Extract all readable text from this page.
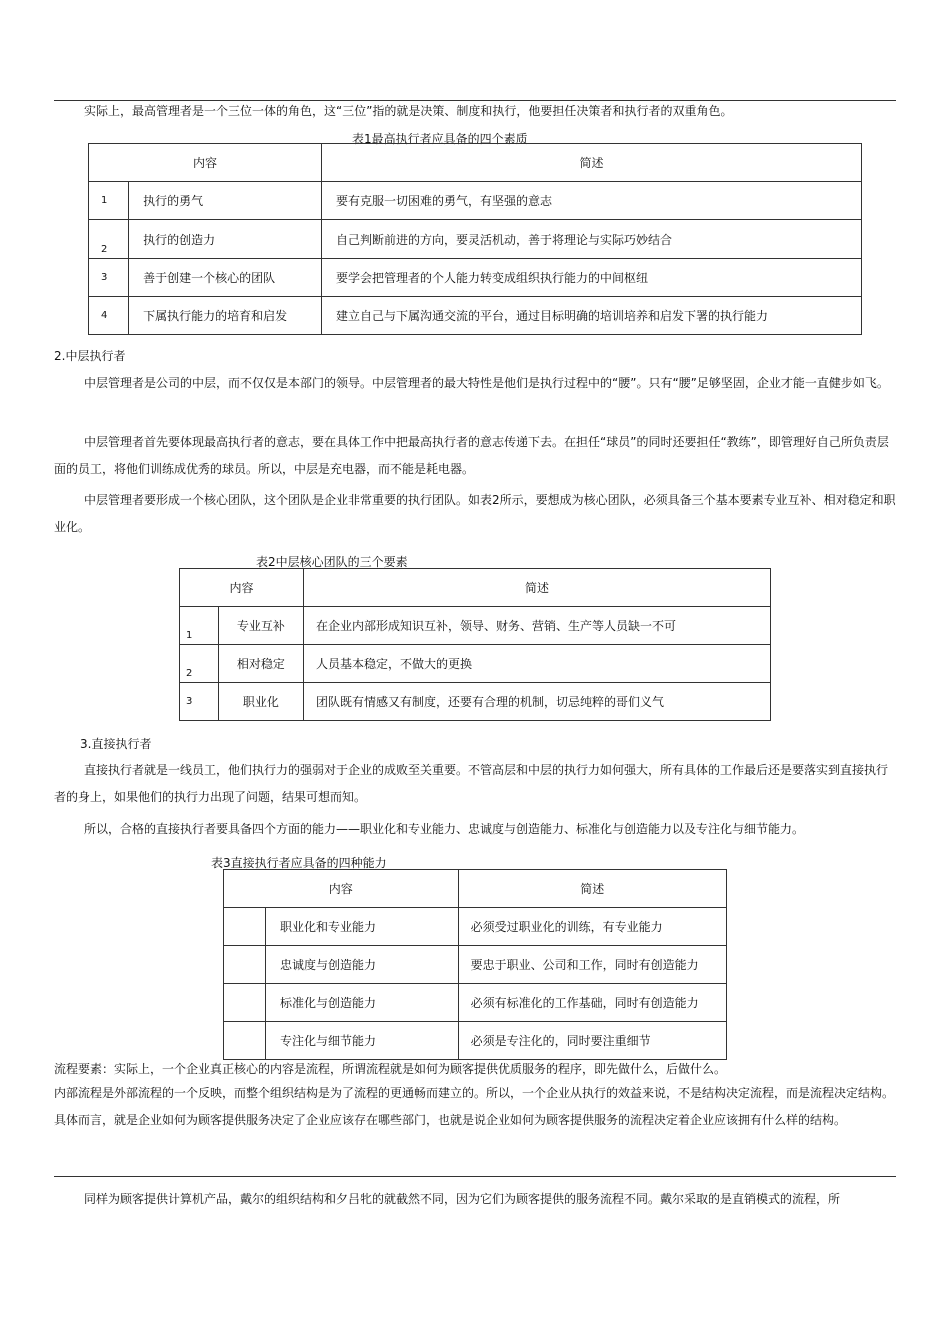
实际上，最高管理者是一个三位一体的角色，这“三位”指的就是决策、制度和执行，他要担任决策者和执行者的双重角色。

表1最高执行者应具备的四个素质

内容		简述
1	执行的勇气	要有克服一切困难的勇气，有坚强的意志
2	执行的创造力	自己判断前进的方向，要灵活机动，善于将理论与实际巧妙结合
3	善于创建一个核心的团队	要学会把管理者的个人能力转变成组织执行能力的中间枢纽
4	下属执行能力的培育和启发	建立自己与下属沟通交流的平台，通过目标明确的培训培养和启发下署的执行能力

2.中层执行者

中层管理者是公司的中层，而不仅仅是本部门的领导。中层管理者的最大特性是他们是执行过程中的“腰”。只有“腰”足够坚固，企业才能一直健步如飞。

中层管理者首先要体现最高执行者的意志，要在具体工作中把最高执行者的意志传递下去。在担任“球员”的同时还要担任“教练”，即管理好自己所负责层面的员工，将他们训练成优秀的球员。所以，中层是充电器，而不能是耗电器。

中层管理者要形成一个核心团队，这个团队是企业非常重要的执行团队。如表2所示，要想成为核心团队，必须具备三个基本要素专业互补、相对稳定和职业化。

表2中层核心团队的三个要素

内容		简述
1	专业互补	在企业内部形成知识互补，领导、财务、营销、生产等人员缺一不可
2	相对稳定	人员基本稳定，不做大的更换
3	职业化	团队既有情感又有制度，还要有合理的机制，切忌纯粹的哥们义气

3.直接执行者

直接执行者就是一线员工，他们执行力的强弱对于企业的成败至关重要。不管高层和中层的执行力如何强大，所有具体的工作最后还是要落实到直接执行者的身上，如果他们的执行力出现了问题，结果可想而知。

所以，合格的直接执行者要具备四个方面的能力——职业化和专业能力、忠诚度与创造能力、标准化与创造能力以及专注化与细节能力。

表3直接执行者应具备的四种能力

内容		简述
	职业化和专业能力	必须受过职业化的训练，有专业能力
	忠诚度与创造能力	要忠于职业、公司和工作，同时有创造能力
	标准化与创造能力	必须有标准化的工作基础，同时有创造能力
	专注化与细节能力	必须是专注化的，同时要注重细节

流程要素：实际上，一个企业真正核心的内容是流程，所谓流程就是如何为顾客提供优质服务的程序，即先做什么，后做什么。

内部流程是外部流程的一个反映，而整个组织结构是为了流程的更通畅而建立的。所以，一个企业从执行的效益来说，不是结构决定流程，而是流程决定结构。具体而言，就是企业如何为顾客提供服务决定了企业应该存在哪些部门，也就是说企业如何为顾客提供服务的流程决定着企业应该拥有什么样的结构。

同样为顾客提供计算机产品，戴尔的组织结构和夕吕牝的就截然不同，因为它们为顾客提供的服务流程不同。戴尔采取的是直销模式的流程，所
